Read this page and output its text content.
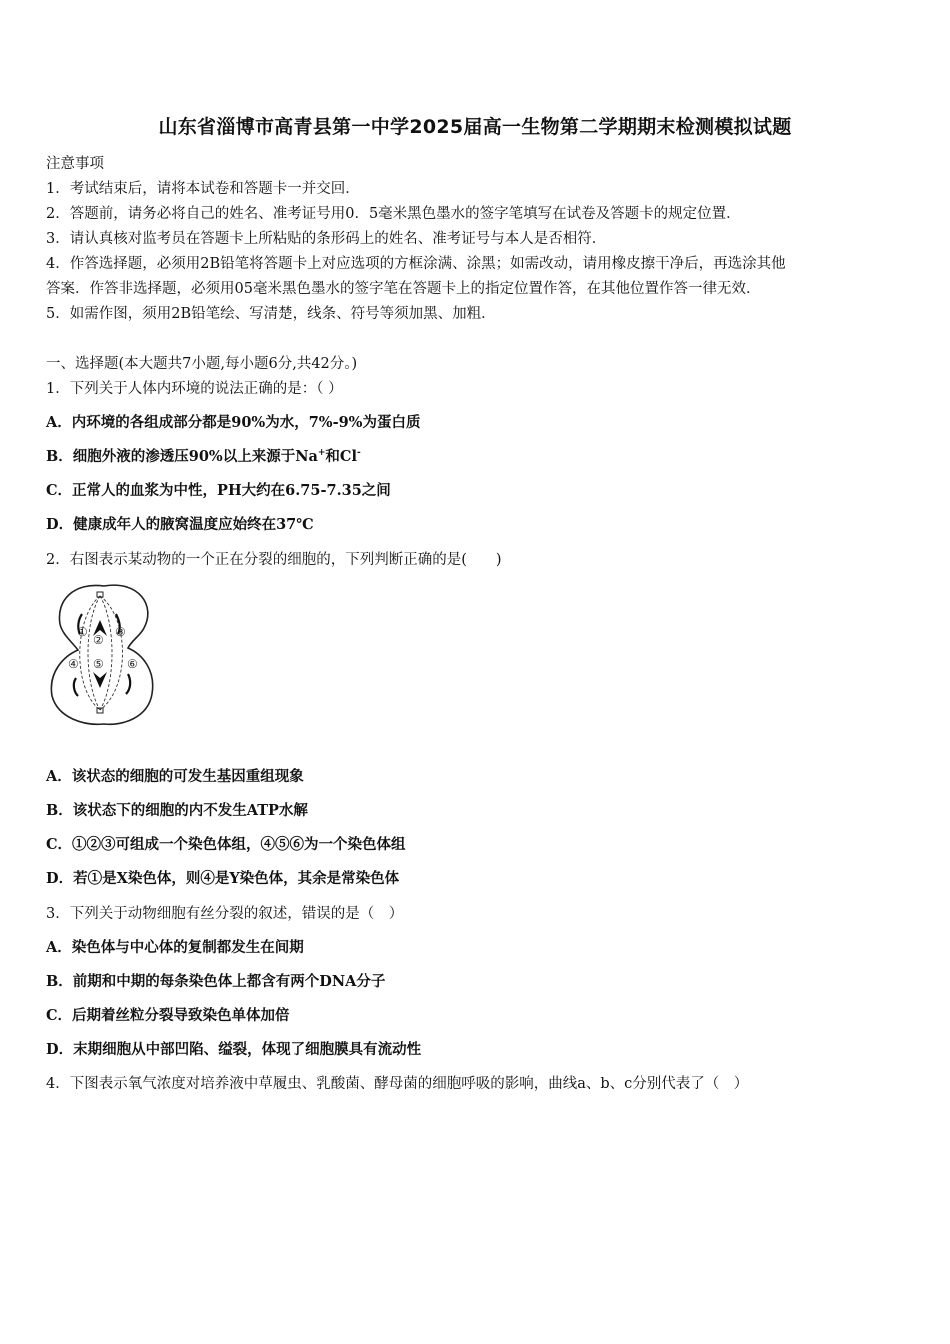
山东省淄博市高青县第一中学2025届高一生物第二学期期末检测模拟试题
注意事项
1．考试结束后，请将本试卷和答题卡一并交回．
2．答题前，请务必将自己的姓名、准考证号用0．5毫米黑色墨水的签字笔填写在试卷及答题卡的规定位置．
3．请认真核对监考员在答题卡上所粘贴的条形码上的姓名、准考证号与本人是否相符．
4．作答选择题，必须用2B铅笔将答题卡上对应选项的方框涂满、涂黑；如需改动，请用橡皮擦干净后，再选涂其他
答案．作答非选择题，必须用05毫米黑色墨水的签字笔在答题卡上的指定位置作答，在其他位置作答一律无效．
5．如需作图，须用2B铅笔绘、写清楚，线条、符号等须加黑、加粗．
一、选择题(本大题共7小题,每小题6分,共42分。)
1．下列关于人体内环境的说法正确的是：（ ）
A．内环境的各组成部分都是90%为水，7%-9%为蛋白质
B．细胞外液的渗透压90%以上来源于Na+和Cl-
C．正常人的血浆为中性，PH大约在6.75-7.35之间
D．健康成年人的腋窝温度应始终在37℃
2．右图表示某动物的一个正在分裂的细胞的，下列判断正确的是(　　)
①
②
③
④ ⑤ ⑥
A．该状态的细胞的可发生基因重组现象
B．该状态下的细胞的内不发生ATP水解
C．①②③可组成一个染色体组，④⑤⑥为一个染色体组
D．若①是X染色体，则④是Y染色体，其余是常染色体
3．下列关于动物细胞有丝分裂的叙述，错误的是（　）
A．染色体与中心体的复制都发生在间期
B．前期和中期的每条染色体上都含有两个DNA分子
C．后期着丝粒分裂导致染色单体加倍
D．末期细胞从中部凹陷、缢裂，体现了细胞膜具有流动性
4．下图表示氧气浓度对培养液中草履虫、乳酸菌、酵母菌的细胞呼吸的影响，曲线a、b、c分别代表了（　）
